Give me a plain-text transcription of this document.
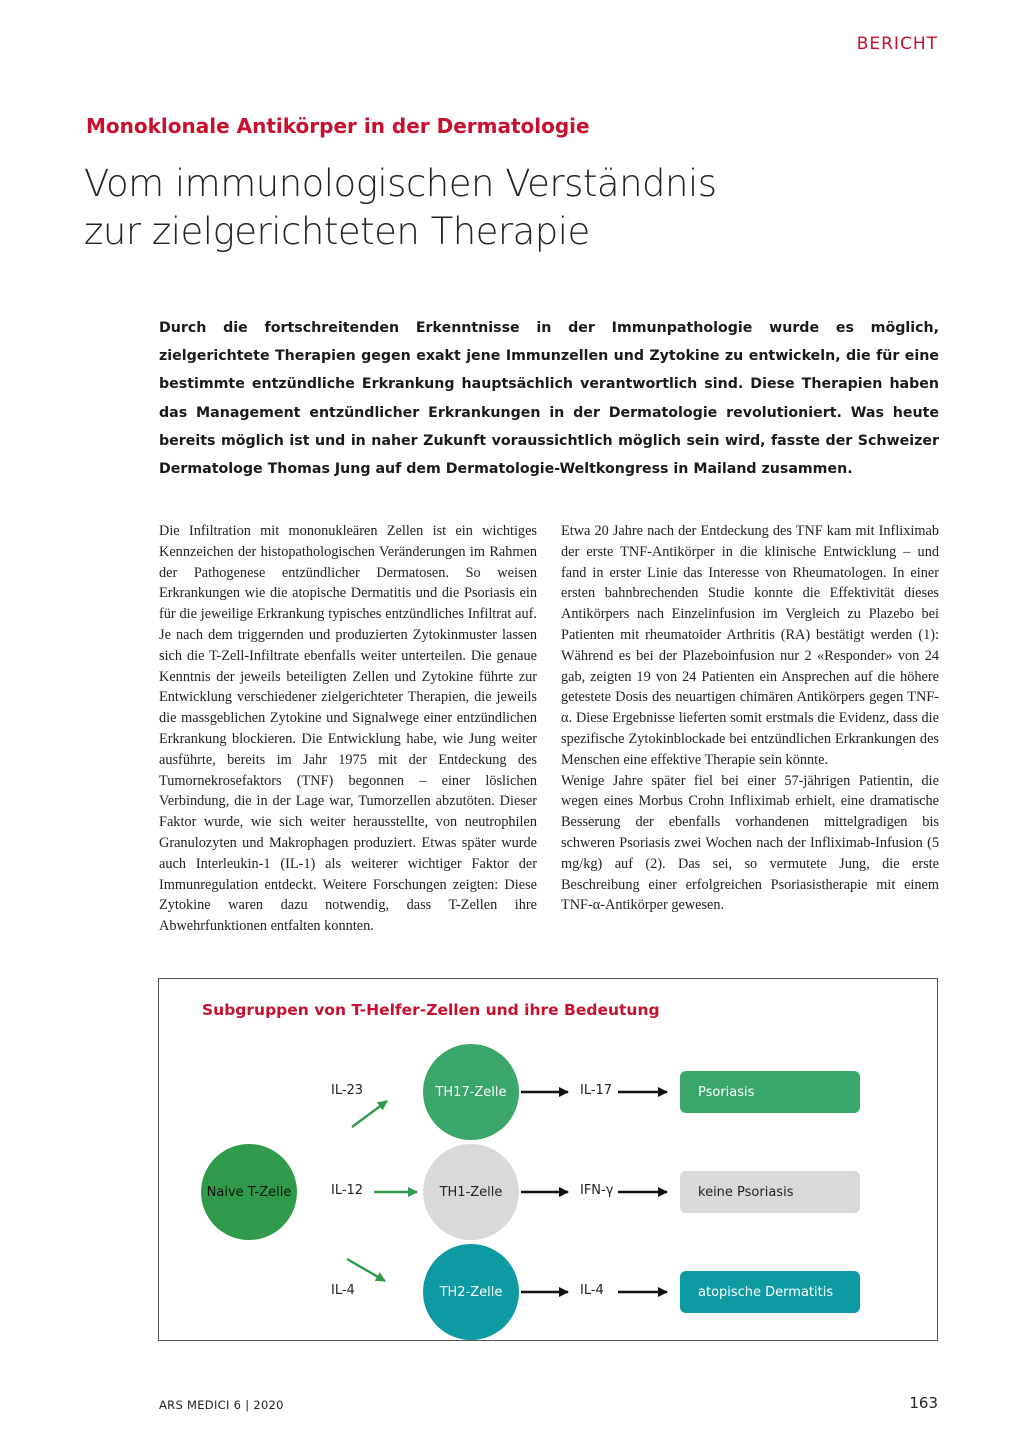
BERICHT
Monoklonale Antikörper in der Dermatologie
Vom immunologischen Verständnis
zur zielgerichteten Therapie
Durch die fortschreitenden Erkenntnisse in der Immunpathologie wurde es möglich, zielgerichtete Therapien gegen exakt jene Immunzellen und Zytokine zu entwickeln, die für eine bestimmte entzündliche Erkrankung hauptsächlich verantwortlich sind. Diese Therapien haben das Management entzündlicher Erkrankungen in der Dermatologie revolutioniert. Was heute bereits möglich ist und in naher Zukunft voraussichtlich möglich sein wird, fasste der Schweizer Dermatologe Thomas Jung auf dem Dermatologie-Weltkongress in Mailand zusammen.

Die Infiltration mit mononukleären Zellen ist ein wichtiges Kennzeichen der histopathologischen Veränderungen im Rahmen der Pathogenese entzündlicher Dermatosen. So weisen Erkrankungen wie die atopische Dermatitis und die Psoriasis ein für die jeweilige Erkrankung typisches entzündliches Infiltrat auf. Je nach dem triggernden und produzierten Zytokinmuster lassen sich die T-Zell-Infiltrate ebenfalls weiter unterteilen. Die genaue Kenntnis der jeweils beteiligten Zellen und Zytokine führte zur Entwicklung verschiedener zielgerichteter Therapien, die jeweils die massgeblichen Zytokine und Signalwege einer entzündlichen Erkrankung blockieren. Die Entwicklung habe, wie Jung weiter ausführte, bereits im Jahr 1975 mit der Entdeckung des Tumornekrosefaktors (TNF) begonnen – einer löslichen Verbindung, die in der Lage war, Tumorzellen abzutöten. Dieser Faktor wurde, wie sich weiter herausstellte, von neutrophilen Granulozyten und Makrophagen produziert. Etwas später wurde auch Interleukin-1 (IL-1) als weiterer wichtiger Faktor der Immunregulation entdeckt. Weitere Forschungen zeigten: Diese Zytokine waren dazu notwendig, dass T-Zellen ihre Abwehrfunktionen entfalten konnten.

Etwa 20 Jahre nach der Entdeckung des TNF kam mit Infliximab der erste TNF-Antikörper in die klinische Entwicklung – und fand in erster Linie das Interesse von Rheumatologen. In einer ersten bahnbrechenden Studie konnte die Effektivität dieses Antikörpers nach Einzelinfusion im Vergleich zu Plazebo bei Patienten mit rheumatoider Arthritis (RA) bestätigt werden (1): Während es bei der Plazeboinfusion nur 2 «Responder» von 24 gab, zeigten 19 von 24 Patienten ein Ansprechen auf die höhere getestete Dosis des neuartigen chimären Antikörpers gegen TNF-α. Diese Ergebnisse lieferten somit erstmals die Evidenz, dass die spezifische Zytokinblockade bei entzündlichen Erkrankungen des Menschen eine effektive Therapie sein könnte.

Wenige Jahre später fiel bei einer 57-jährigen Patientin, die wegen eines Morbus Crohn Infliximab erhielt, eine dramatische Besserung der ebenfalls vorhandenen mittelgradigen bis schweren Psoriasis zwei Wochen nach der Infliximab-Infusion (5 mg/kg) auf (2). Das sei, so vermutete Jung, die erste Beschreibung einer erfolgreichen Psoriasistherapie mit einem TNF-α-Antikörper gewesen.

Subgruppen von T-Helfer-Zellen und ihre Bedeutung
Naive T-Zelle
IL-23	TH17-Zelle	IL-17	Psoriasis
IL-12	TH1-Zelle	IFN-γ	keine Psoriasis
IL-4	TH2-Zelle	IL-4	atopische Dermatitis
ARS MEDICI 6 | 2020	163
